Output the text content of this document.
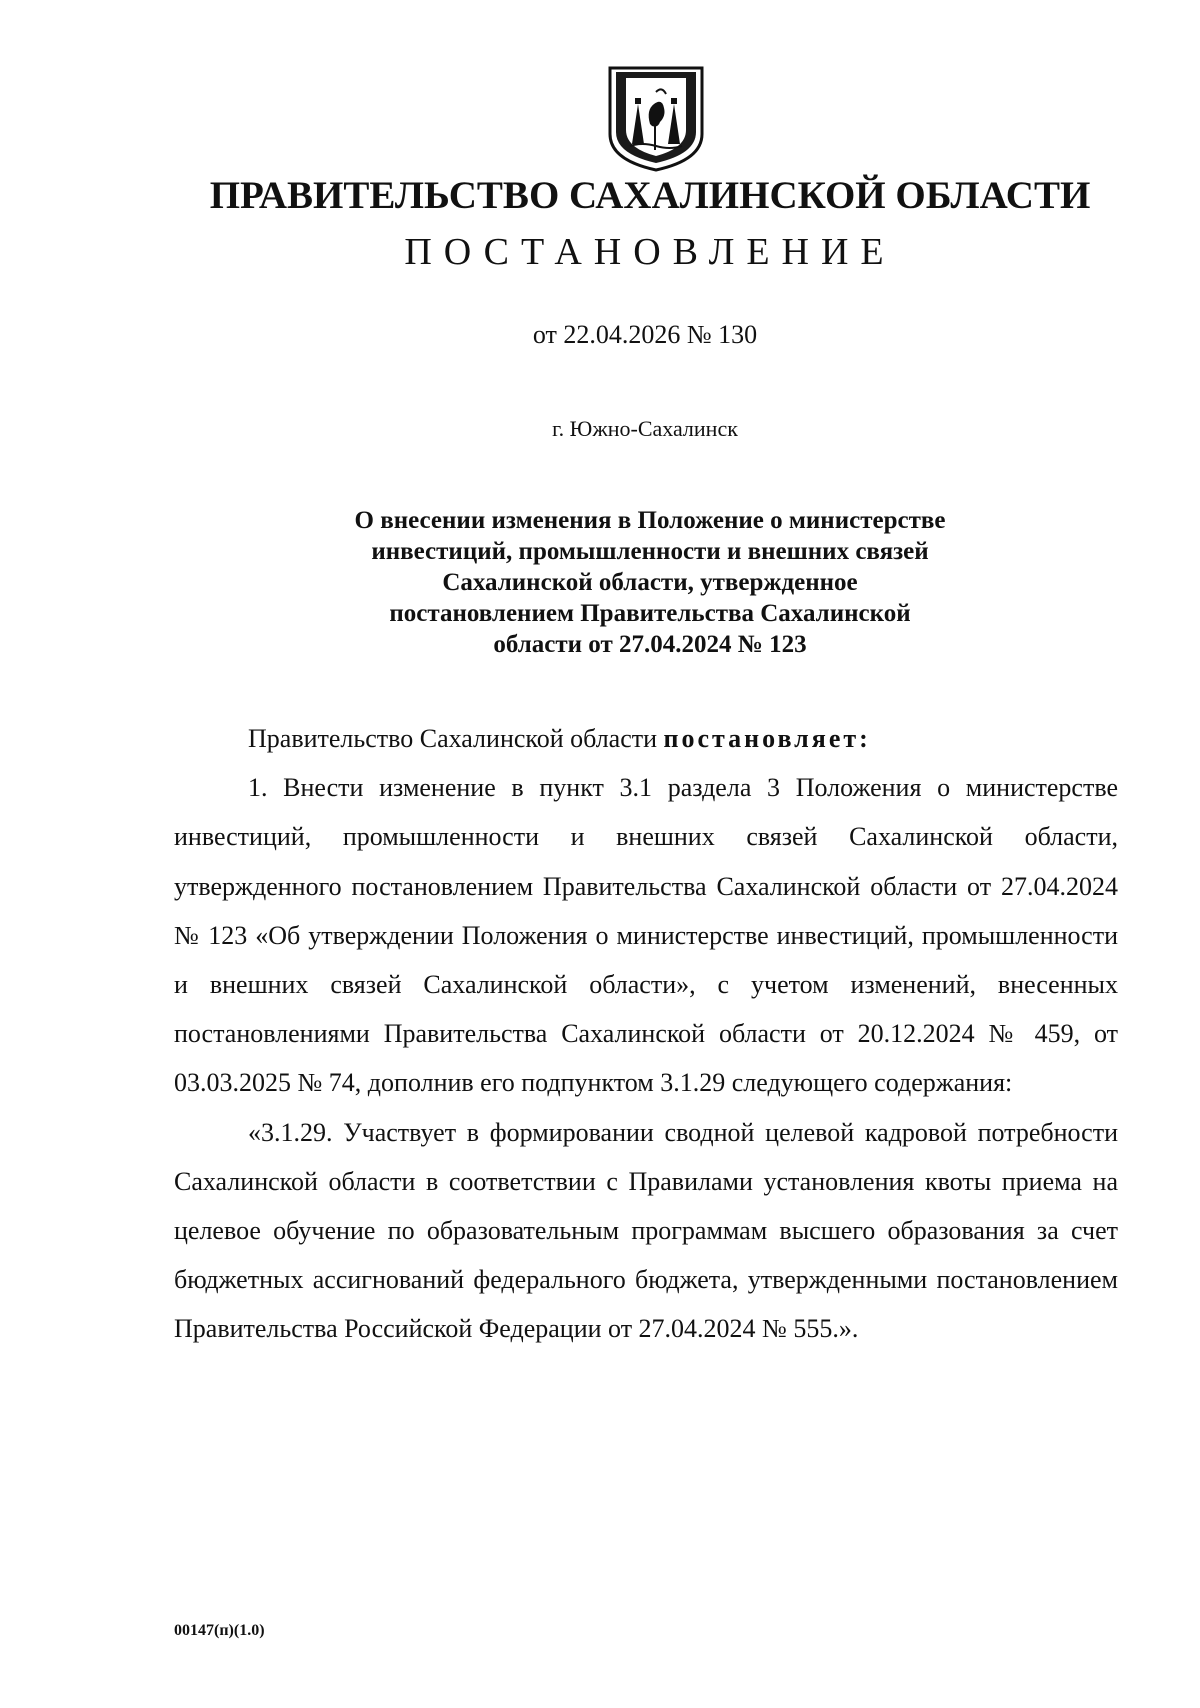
ПРАВИТЕЛЬСТВО САХАЛИНСКОЙ ОБЛАСТИ
ПОСТАНОВЛЕНИЕ
от 22.04.2026 № 130
г. Южно-Сахалинск
О внесении изменения в Положение о министерстве
инвестиций, промышленности и внешних связей
Сахалинской области, утвержденное
постановлением Правительства Сахалинской
области от 27.04.2024 № 123

Правительство Сахалинской области постановляет:

1. Внести изменение в пункт 3.1 раздела 3 Положения о министерстве инвестиций, промышленности и внешних связей Сахалинской области, утвержденного постановлением Правительства Сахалинской области от 27.04.2024 № 123 «Об утверждении Положения о министерстве инвестиций, промышленности и внешних связей Сахалинской области», с учетом изменений, внесенных постановлениями Правительства Сахалинской области от 20.12.2024 № 459, от 03.03.2025 № 74, дополнив его подпунктом 3.1.29 следующего содержания:

«3.1.29. Участвует в формировании сводной целевой кадровой потребности Сахалинской области в соответствии с Правилами установления квоты приема на целевое обучение по образовательным программам высшего образования за счет бюджетных ассигнований федерального бюджета, утвержденными постановлением Правительства Российской Федерации от 27.04.2024 № 555.».

00147(п)(1.0)
